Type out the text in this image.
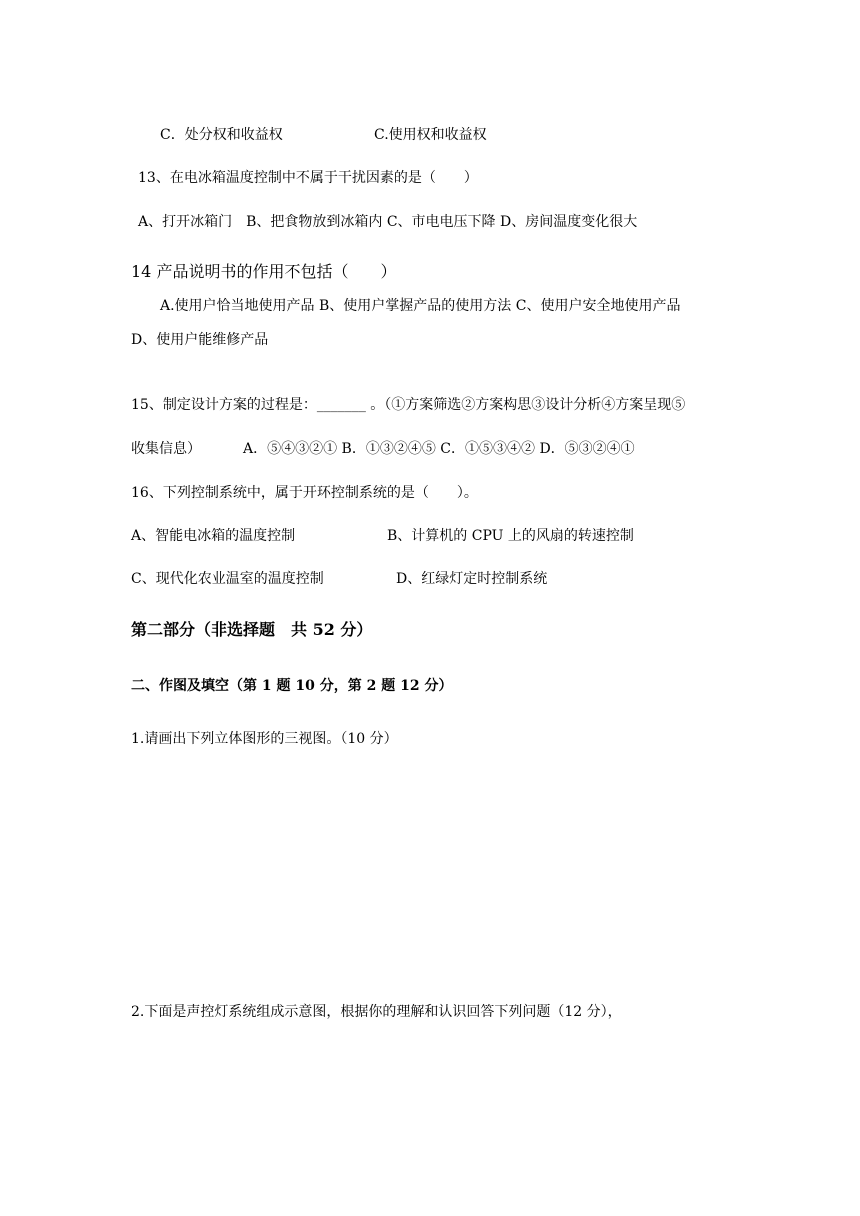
C．处分权和收益权	C.使用权和收益权
13、在电冰箱温度控制中不属于干扰因素的是（　　）
A、打开冰箱门　B、把食物放到冰箱内 C、市电电压下降 D、房间温度变化很大
14 产品说明书的作用不包括（　　）
A.使用户恰当地使用产品 B、使用户掌握产品的使用方法 C、使用户安全地使用产品
D、使用户能维修产品
15、制定设计方案的过程是：_______ 。（①方案筛选②方案构思③设计分析④方案呈现⑤
收集信息）	A．⑤④③②① B．①③②④⑤ C．①⑤③④② D．⑤③②④①
16、下列控制系统中，属于开环控制系统的是（　　）。
A、智能电冰箱的温度控制	B、计算机的 CPU 上的风扇的转速控制
C、现代化农业温室的温度控制	D、红绿灯定时控制系统
第二部分（非选择题　共 52 分）
二、作图及填空（第 1 题 10 分，第 2 题 12 分）
1.请画出下列立体图形的三视图。（10 分）
2.下面是声控灯系统组成示意图，根据你的理解和认识回答下列问题（12 分），
